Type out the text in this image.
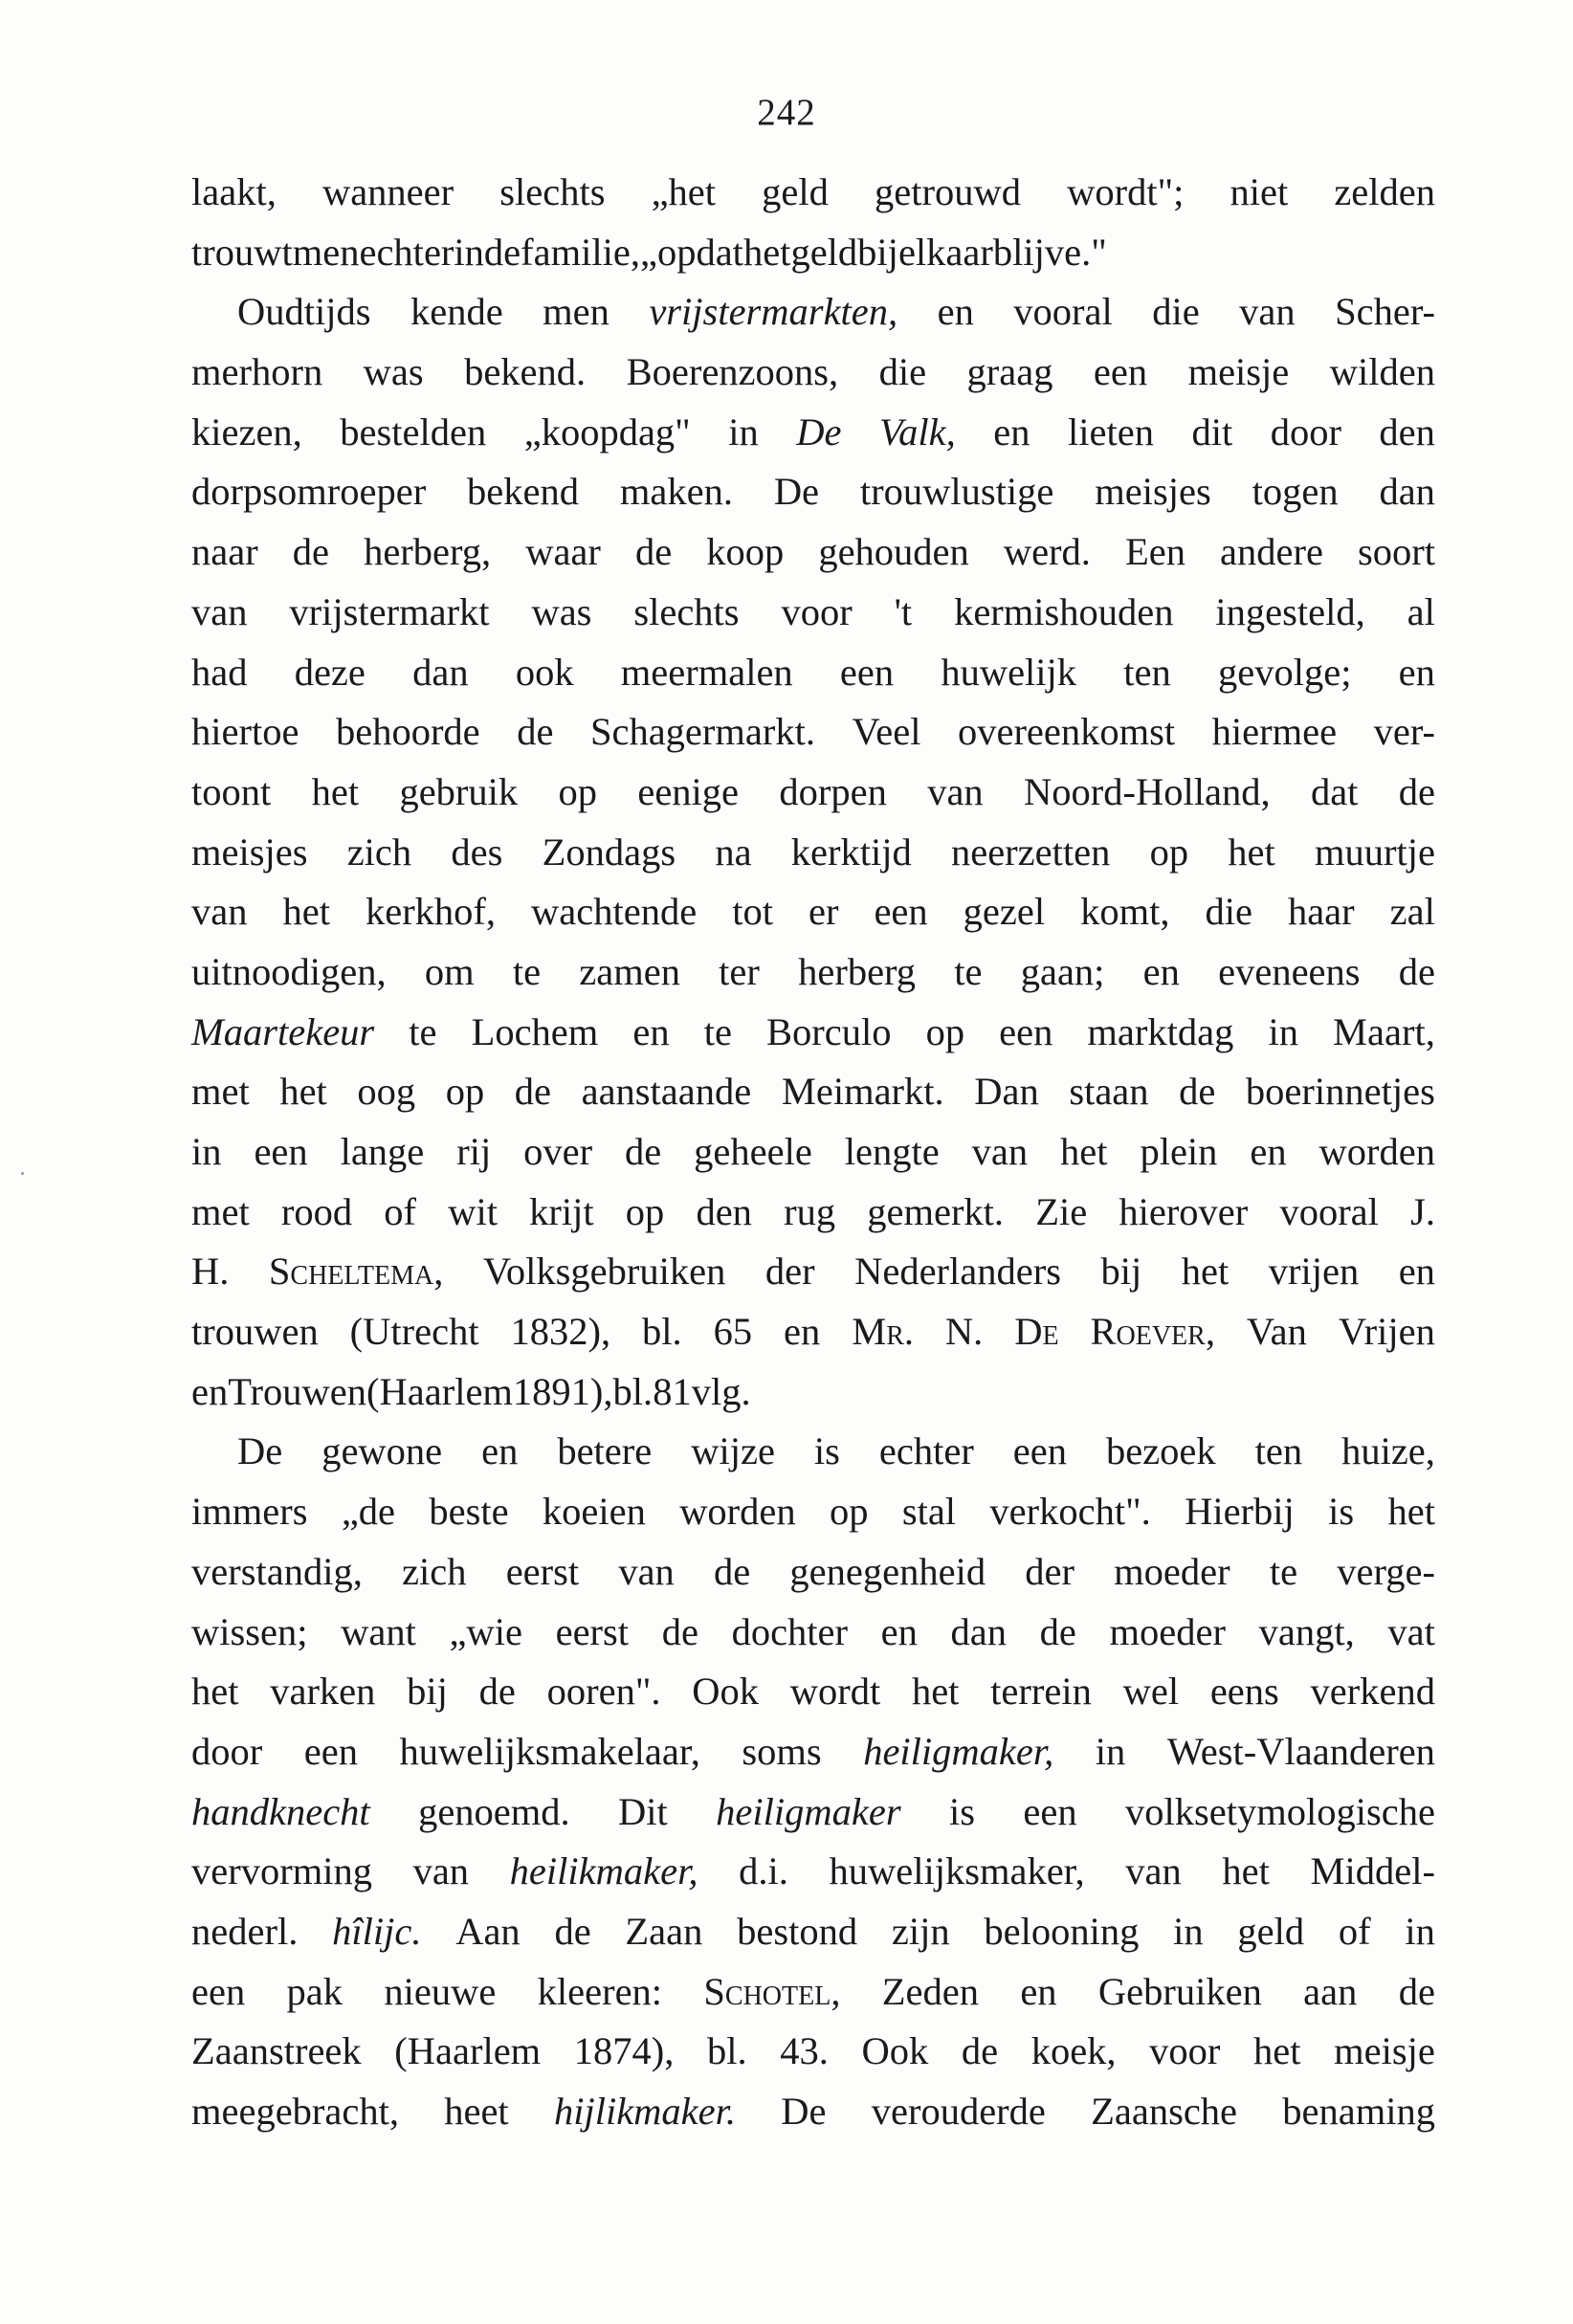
242
laakt, wanneer slechts „het geld getrouwd wordt"; niet zelden
trouwt men echter in de familie, „opdat het geld bij elkaar blijve."
Oudtijds kende men vrijstermarkten, en vooral die van Scher-
merhorn was bekend. Boerenzoons, die graag een meisje wilden
kiezen, bestelden „koopdag" in De Valk, en lieten dit door den
dorpsomroeper bekend maken. De trouwlustige meisjes togen dan
naar de herberg, waar de koop gehouden werd. Een andere soort
van vrijstermarkt was slechts voor 't kermishouden ingesteld, al
had deze dan ook meermalen een huwelijk ten gevolge; en
hiertoe behoorde de Schagermarkt. Veel overeenkomst hiermee ver-
toont het gebruik op eenige dorpen van Noord-Holland, dat de
meisjes zich des Zondags na kerktijd neerzetten op het muurtje
van het kerkhof, wachtende tot er een gezel komt, die haar zal
uitnoodigen, om te zamen ter herberg te gaan; en eveneens de
Maartekeur te Lochem en te Borculo op een marktdag in Maart,
met het oog op de aanstaande Meimarkt. Dan staan de boerinnetjes
in een lange rij over de geheele lengte van het plein en worden
met rood of wit krijt op den rug gemerkt. Zie hierover vooral J.
H. Scheltema, Volksgebruiken der Nederlanders bij het vrijen en
trouwen (Utrecht 1832), bl. 65 en Mr. N. De Roever, Van Vrijen
en Trouwen (Haarlem 1891), bl. 81 vlg.
De gewone en betere wijze is echter een bezoek ten huize,
immers „de beste koeien worden op stal verkocht". Hierbij is het
verstandig, zich eerst van de genegenheid der moeder te verge-
wissen; want „wie eerst de dochter en dan de moeder vangt, vat
het varken bij de ooren". Ook wordt het terrein wel eens verkend
door een huwelijksmakelaar, soms heiligmaker, in West-Vlaanderen
handknecht genoemd. Dit heiligmaker is een volksetymologische
vervorming van heilikmaker, d.i. huwelijksmaker, van het Middel-
nederl. hîlijc. Aan de Zaan bestond zijn belooning in geld of in
een pak nieuwe kleeren: Schotel, Zeden en Gebruiken aan de
Zaanstreek (Haarlem 1874), bl. 43. Ook de koek, voor het meisje
meegebracht, heet hijlikmaker. De verouderde Zaansche benaming
